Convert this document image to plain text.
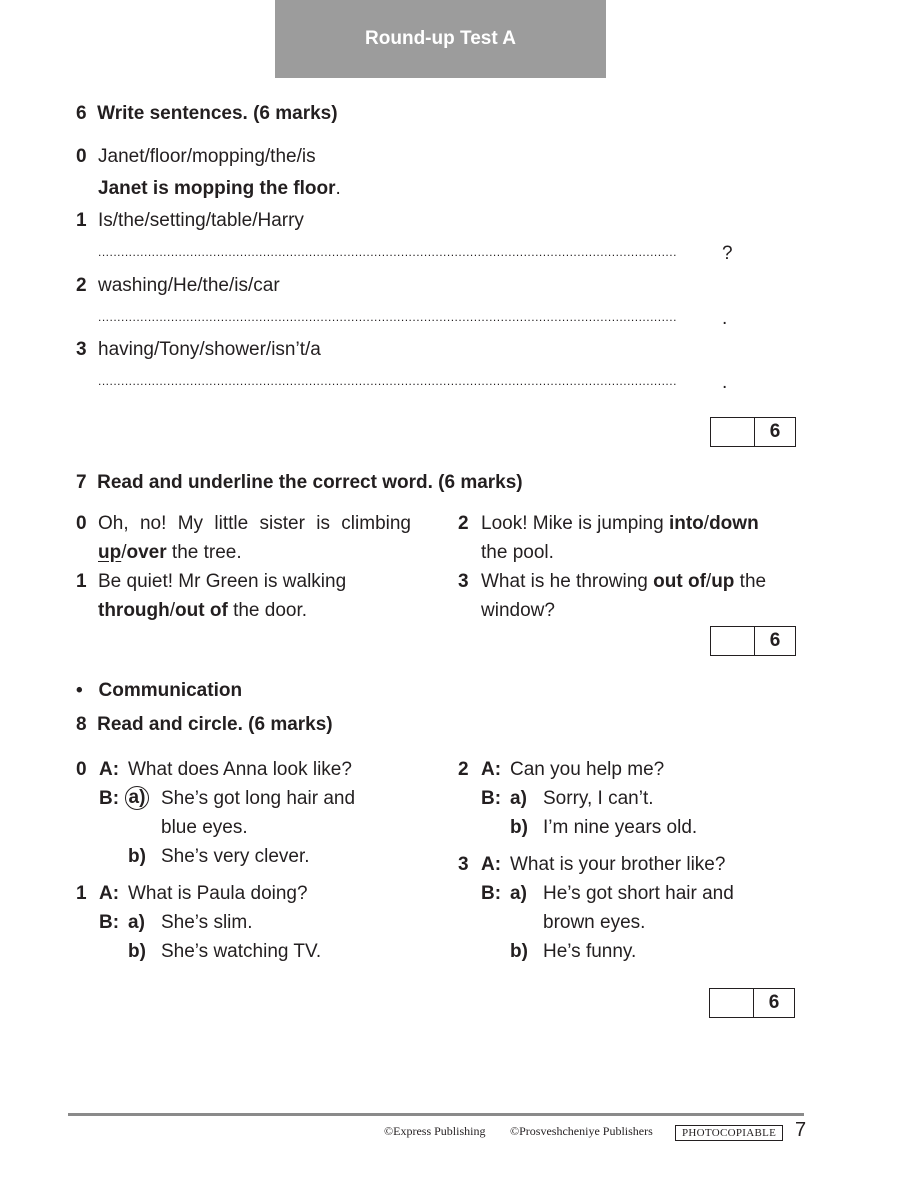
Round-up Test A
6 Write sentences. (6 marks)
0 Janet/floor/mopping/the/is
Janet is mopping the floor.
1 Is/the/setting/table/Harry
.......................................................................................................................................................	?
2 washing/He/the/is/car
.......................................................................................................................................................	.
3 having/Tony/shower/isn’t/a
.......................................................................................................................................................	.
6
7 Read and underline the correct word. (6 marks)
0 Oh, no! My little sister is climbing
up/over the tree.
1 Be quiet! Mr Green is walking
through/out of the door.
2 Look! Mike is jumping into/down
the pool.
3 What is he throwing out of/up the
window?
6
• Communication
8 Read and circle. (6 marks)
0 A: What does Anna look like?
B: a) She’s got long hair and
blue eyes.
b) She’s very clever.
1 A: What is Paula doing?
B: a) She’s slim.
b) She’s watching TV.
2 A: Can you help me?
B: a) Sorry, I can’t.
b) I’m nine years old.
3 A: What is your brother like?
B: a) He’s got short hair and
brown eyes.
b) He’s funny.
6
©Express Publishing ©Prosveshcheniye Publishers	PHOTOCOPIABLE 7
